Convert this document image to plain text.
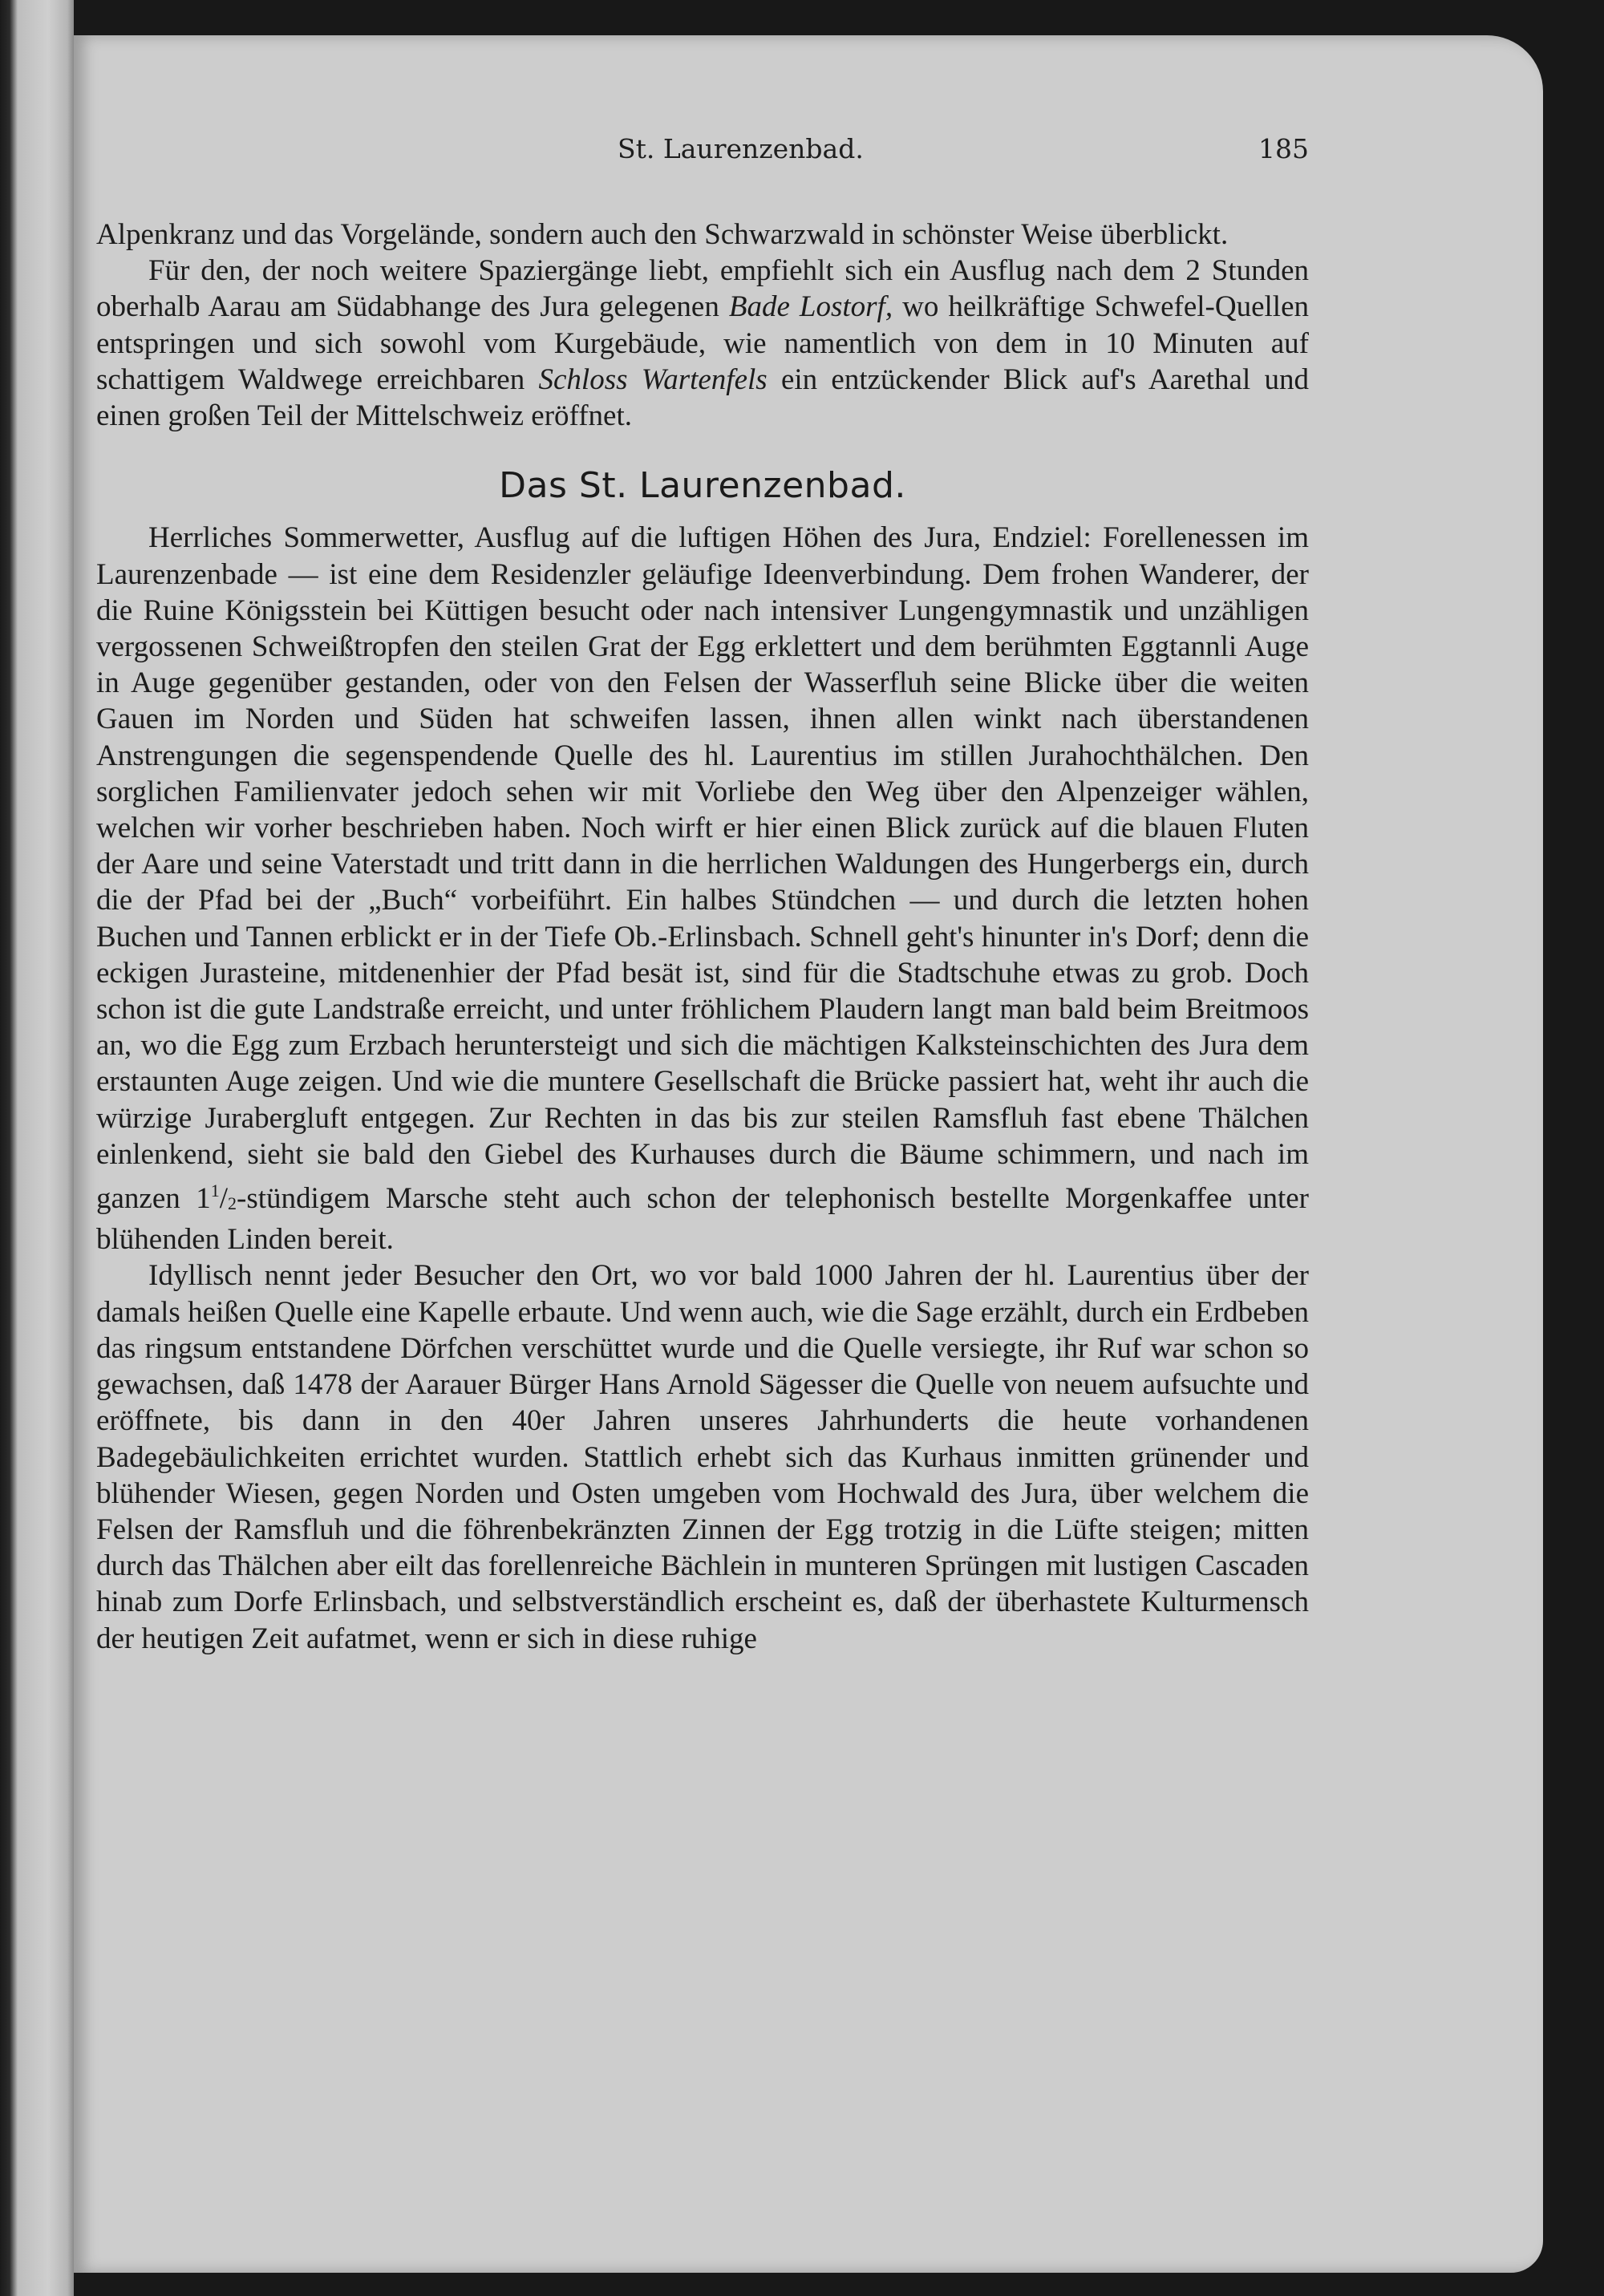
St. Laurenzenbad.	185

Alpenkranz und das Vorgelände, sondern auch den Schwarzwald in schönster Weise überblickt.

Für den, der noch weitere Spaziergänge liebt, empfiehlt sich ein Ausflug nach dem 2 Stunden oberhalb Aarau am Südabhange des Jura gelegenen Bade Lostorf, wo heilkräftige Schwefel-Quellen entspringen und sich sowohl vom Kurgebäude, wie namentlich von dem in 10 Minuten auf schattigem Waldwege erreichbaren Schloss Wartenfels ein entzückender Blick auf's Aarethal und einen großen Teil der Mittelschweiz eröffnet.

Das St. Laurenzenbad.

Herrliches Sommerwetter, Ausflug auf die luftigen Höhen des Jura, Endziel: Forellenessen im Laurenzenbade — ist eine dem Residenzler geläufige Ideenverbindung. Dem frohen Wanderer, der die Ruine Königsstein bei Küttigen besucht oder nach intensiver Lungengymnastik und unzähligen vergossenen Schweißtropfen den steilen Grat der Egg erklettert und dem berühmten Eggtannli Auge in Auge gegenüber gestanden, oder von den Felsen der Wasserfluh seine Blicke über die weiten Gauen im Norden und Süden hat schweifen lassen, ihnen allen winkt nach überstandenen Anstrengungen die segenspendende Quelle des hl. Laurentius im stillen Jurahochthälchen. Den sorglichen Familienvater jedoch sehen wir mit Vorliebe den Weg über den Alpenzeiger wählen, welchen wir vorher beschrieben haben. Noch wirft er hier einen Blick zurück auf die blauen Fluten der Aare und seine Vaterstadt und tritt dann in die herrlichen Waldungen des Hungerbergs ein, durch die der Pfad bei der „Buch“ vorbeiführt. Ein halbes Stündchen — und durch die letzten hohen Buchen und Tannen erblickt er in der Tiefe Ob.-Erlinsbach. Schnell geht's hinunter in's Dorf; denn die eckigen Jurasteine, mitdenenhier der Pfad besät ist, sind für die Stadtschuhe etwas zu grob. Doch schon ist die gute Landstraße erreicht, und unter fröhlichem Plaudern langt man bald beim Breitmoos an, wo die Egg zum Erzbach heruntersteigt und sich die mächtigen Kalksteinschichten des Jura dem erstaunten Auge zeigen. Und wie die muntere Gesellschaft die Brücke passiert hat, weht ihr auch die würzige Jurabergluft entgegen. Zur Rechten in das bis zur steilen Ramsfluh fast ebene Thälchen einlenkend, sieht sie bald den Giebel des Kurhauses durch die Bäume schimmern, und nach im ganzen $1^1/_2$-stündigem Marsche steht auch schon der telephonisch bestellte Morgenkaffee unter blühenden Linden bereit.

Idyllisch nennt jeder Besucher den Ort, wo vor bald 1000 Jahren der hl. Laurentius über der damals heißen Quelle eine Kapelle erbaute. Und wenn auch, wie die Sage erzählt, durch ein Erdbeben das ringsum entstandene Dörfchen verschüttet wurde und die Quelle versiegte, ihr Ruf war schon so gewachsen, daß 1478 der Aarauer Bürger Hans Arnold Sägesser die Quelle von neuem aufsuchte und eröffnete, bis dann in den 40er Jahren unseres Jahrhunderts die heute vorhandenen Badegebäulichkeiten errichtet wurden. Stattlich erhebt sich das Kurhaus inmitten grünender und blühender Wiesen, gegen Norden und Osten umgeben vom Hochwald des Jura, über welchem die Felsen der Ramsfluh und die föhrenbekränzten Zinnen der Egg trotzig in die Lüfte steigen; mitten durch das Thälchen aber eilt das forellenreiche Bächlein in munteren Sprüngen mit lustigen Cascaden hinab zum Dorfe Erlinsbach, und selbstverständlich erscheint es, daß der überhastete Kulturmensch der heutigen Zeit aufatmet, wenn er sich in diese ruhige
